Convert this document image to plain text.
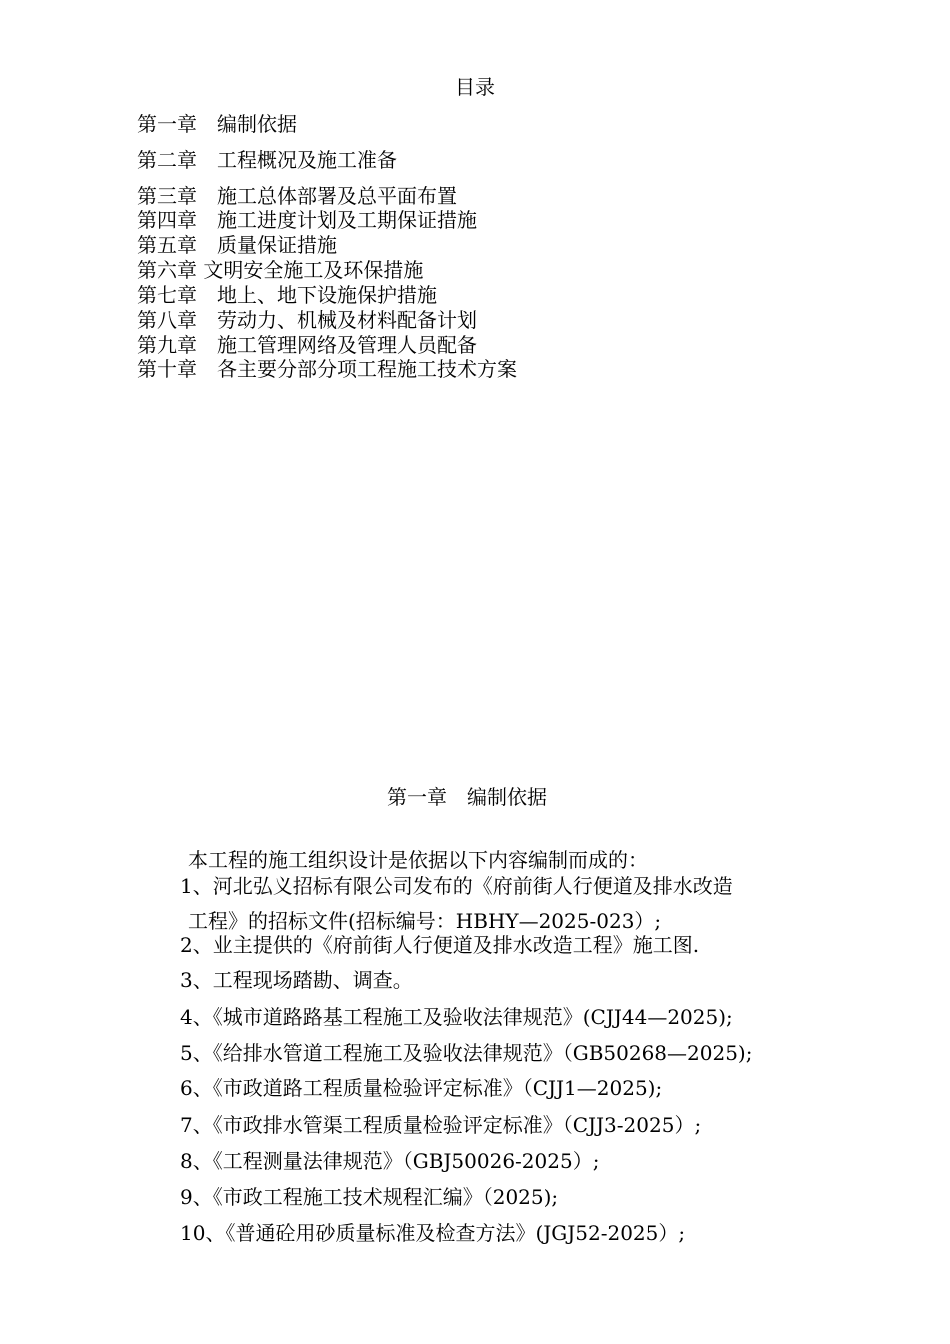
目录
第一章　编制依据
第二章　工程概况及施工准备
第三章　施工总体部署及总平面布置
第四章　施工进度计划及工期保证措施
第五章　质量保证措施
第六章 文明安全施工及环保措施
第七章　地上、地下设施保护措施
第八章　劳动力、机械及材料配备计划
第九章　施工管理网络及管理人员配备
第十章　各主要分部分项工程施工技术方案
第一章　编制依据
本工程的施工组织设计是依据以下内容编制而成的：
1、河北弘义招标有限公司发布的《府前街人行便道及排水改造
工程》的招标文件(招标编号：HBHY—2025-023）;
2、业主提供的《府前街人行便道及排水改造工程》施工图.
3、工程现场踏勘、调查。
4、《城市道路路基工程施工及验收法律规范》(CJJ44—2025);
5、《给排水管道工程施工及验收法律规范》（GB50268—2025);
6、《市政道路工程质量检验评定标准》（CJJ1—2025);
7、《市政排水管渠工程质量检验评定标准》（CJJ3-2025）;
8、《工程测量法律规范》（GBJ50026-2025）;
9、《市政工程施工技术规程汇编》（2025);
10、《普通砼用砂质量标准及检查方法》(JGJ52-2025）;
